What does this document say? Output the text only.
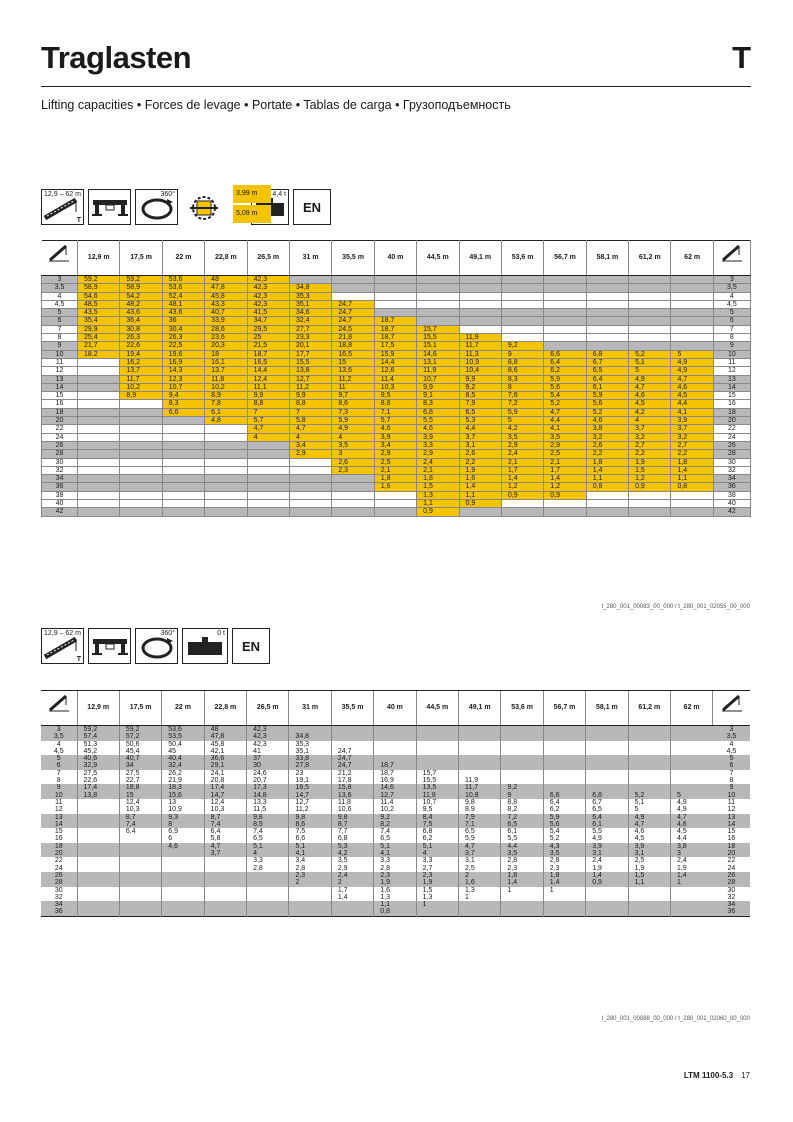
Traglasten	T
Lifting capacities • Forces de levage • Portate • Tablas de carga • Грузоподъемность
12,9 – 62 m
T
360°	4,4 t
EN
3,99 m
5,09 m
	12,9 m	17,5 m	22 m	22,8 m	26,5 m	31 m	35,5 m	40 m	44,5 m	49,1 m	53,6 m	56,7 m	58,1 m	61,2 m	62 m	
3	59,2	59,2	53,6	48	42,3											3
3,5	58,9	58,9	53,6	47,8	42,3	34,8										3,5
4	54,6	54,2	52,4	45,8	42,3	35,3										4
4,5	48,5	48,2	48,1	43,3	42,3	35,1	24,7									4,5
5	43,5	43,6	43,6	40,7	41,5	34,6	24,7									5
6	35,4	36,4	36	33,9	34,7	32,4	24,7	18,7								6
7	29,9	30,8	30,4	28,6	29,5	27,7	24,5	18,7	15,7							7
8	25,4	26,3	26,3	23,6	25	23,3	21,8	18,7	15,5	11,9						8
9	21,7	22,6	22,5	20,3	21,5	20,1	18,8	17,5	15,1	11,7	9,2					9
10	18,2	19,4	19,6	18	18,7	17,7	16,5	15,9	14,6	11,3	9	6,6	6,8	5,2	5	10
11		16,2	16,9	16,1	16,5	15,5	15	14,4	13,1	10,9	8,8	6,4	6,7	5,1	4,9	11
12		13,7	14,3	13,7	14,4	13,8	13,6	12,6	11,9	10,4	8,6	6,2	6,5	5	4,9	12
13		11,7	12,3	11,8	12,4	12,7	11,2	11,4	10,7	9,9	8,3	5,9	6,4	4,9	4,7	13
14		10,2	10,7	10,2	11,1	11,2	11	10,3	9,9	9,2	8	5,6	6,1	4,7	4,6	14
15		8,9	9,4	8,9	9,9	9,9	9,7	9,5	9,1	8,5	7,6	5,4	5,9	4,6	4,5	15
16			8,3	7,8	8,8	8,8	8,6	8,8	8,3	7,9	7,2	5,2	5,6	4,5	4,4	16
18			6,6	6,1	7	7	7,3	7,1	6,8	6,5	5,9	4,7	5,2	4,2	4,1	18
20				4,8	5,7	5,8	5,9	5,7	5,5	5,3	5	4,4	4,6	4	3,9	20
22					4,7	4,7	4,9	4,6	4,6	4,4	4,2	4,1	3,8	3,7	3,7	22
24					4	4	4	3,9	3,9	3,7	3,5	3,5	3,2	3,2	3,2	24
26						3,4	3,5	3,4	3,3	3,1	2,9	2,9	2,6	2,7	2,7	26
28						2,9	3	2,9	2,9	2,6	2,4	2,5	2,2	2,2	2,2	28
30							2,6	2,5	2,4	2,2	2,1	2,1	1,8	1,9	1,8	30
32							2,3	2,1	2,1	1,9	1,7	1,7	1,4	1,5	1,4	32
34								1,8	1,8	1,6	1,4	1,4	1,1	1,2	1,1	34
36								1,6	1,5	1,4	1,2	1,2	0,8	0,9	0,8	36
38									1,3	1,1	0,9	0,9				38
40									1,1	0,9						40
42									0,9							42
t_280_001_00083_00_000 / t_280_001_02055_00_000
12,9 – 62 m
T
360°	0 t
EN
	12,9 m	17,5 m	22 m	22,8 m	26,5 m	31 m	35,5 m	40 m	44,5 m	49,1 m	53,6 m	56,7 m	58,1 m	61,2 m	62 m	
3	59,2	59,2	53,6	48	42,3											3
3,5	57,4	57,2	53,5	47,8	42,3	34,8										3,5
4	51,3	50,6	50,4	45,8	42,3	35,3										4
4,5	45,2	45,4	45	42,1	41	35,1	24,7									4,5
5	40,6	40,7	40,4	36,6	37	33,8	24,7									5
6	32,9	34	32,4	29,1	30	27,8	24,7	18,7								6
7	27,5	27,5	26,2	24,1	24,6	23	21,2	18,7	15,7							7
8	22,6	22,7	21,9	20,8	20,7	19,1	17,8	16,9	15,5	11,9						8
9	17,4	18,8	18,3	17,4	17,3	16,5	15,8	14,6	13,5	11,7	9,2					9
10	13,8	15	15,6	14,7	14,8	14,7	13,6	12,7	11,8	10,8	9	6,6	6,8	5,2	5	10
11		12,4	13	12,4	13,3	12,7	11,8	11,4	10,7	9,8	8,8	6,4	6,7	5,1	4,9	11
12		10,3	10,9	10,3	11,5	11,2	10,6	10,2	9,5	8,9	8,2	6,2	6,5	5	4,9	12
13		8,7	9,3	8,7	9,8	9,8	9,8	9,2	8,4	7,9	7,2	5,9	6,4	4,9	4,7	13
14		7,4	8	7,4	8,5	8,6	8,7	8,2	7,5	7,1	6,5	5,6	6,1	4,7	4,6	14
15		6,4	6,9	6,4	7,4	7,5	7,7	7,4	6,8	6,5	6,1	5,4	5,5	4,6	4,5	15
16			6	5,8	6,5	6,6	6,8	6,5	6,2	5,9	5,5	5,2	4,9	4,5	4,4	16
18			4,6	4,7	5,1	5,1	5,3	5,1	5,1	4,7	4,4	4,3	3,9	3,9	3,8	18
20				3,7	4	4,1	4,2	4,1	4	3,7	3,5	3,5	3,1	3,1	3	20
22					3,3	3,4	3,5	3,3	3,3	3,1	2,8	2,8	2,4	2,5	2,4	22
24					2,8	2,8	2,9	2,8	2,7	2,5	2,3	2,3	1,9	1,9	1,9	24
26						2,3	2,4	2,3	2,3	2	1,8	1,8	1,4	1,5	1,4	26
28						2	2	1,9	1,9	1,6	1,4	1,4	0,9	1,1	1	28
30							1,7	1,6	1,5	1,3	1	1				30
32							1,4	1,3	1,3	1						32
34								1,1	1							34
36								0,8								36
t_280_001_00088_00_000 / t_280_001_02060_00_000
LTM 1100-5.3 17
